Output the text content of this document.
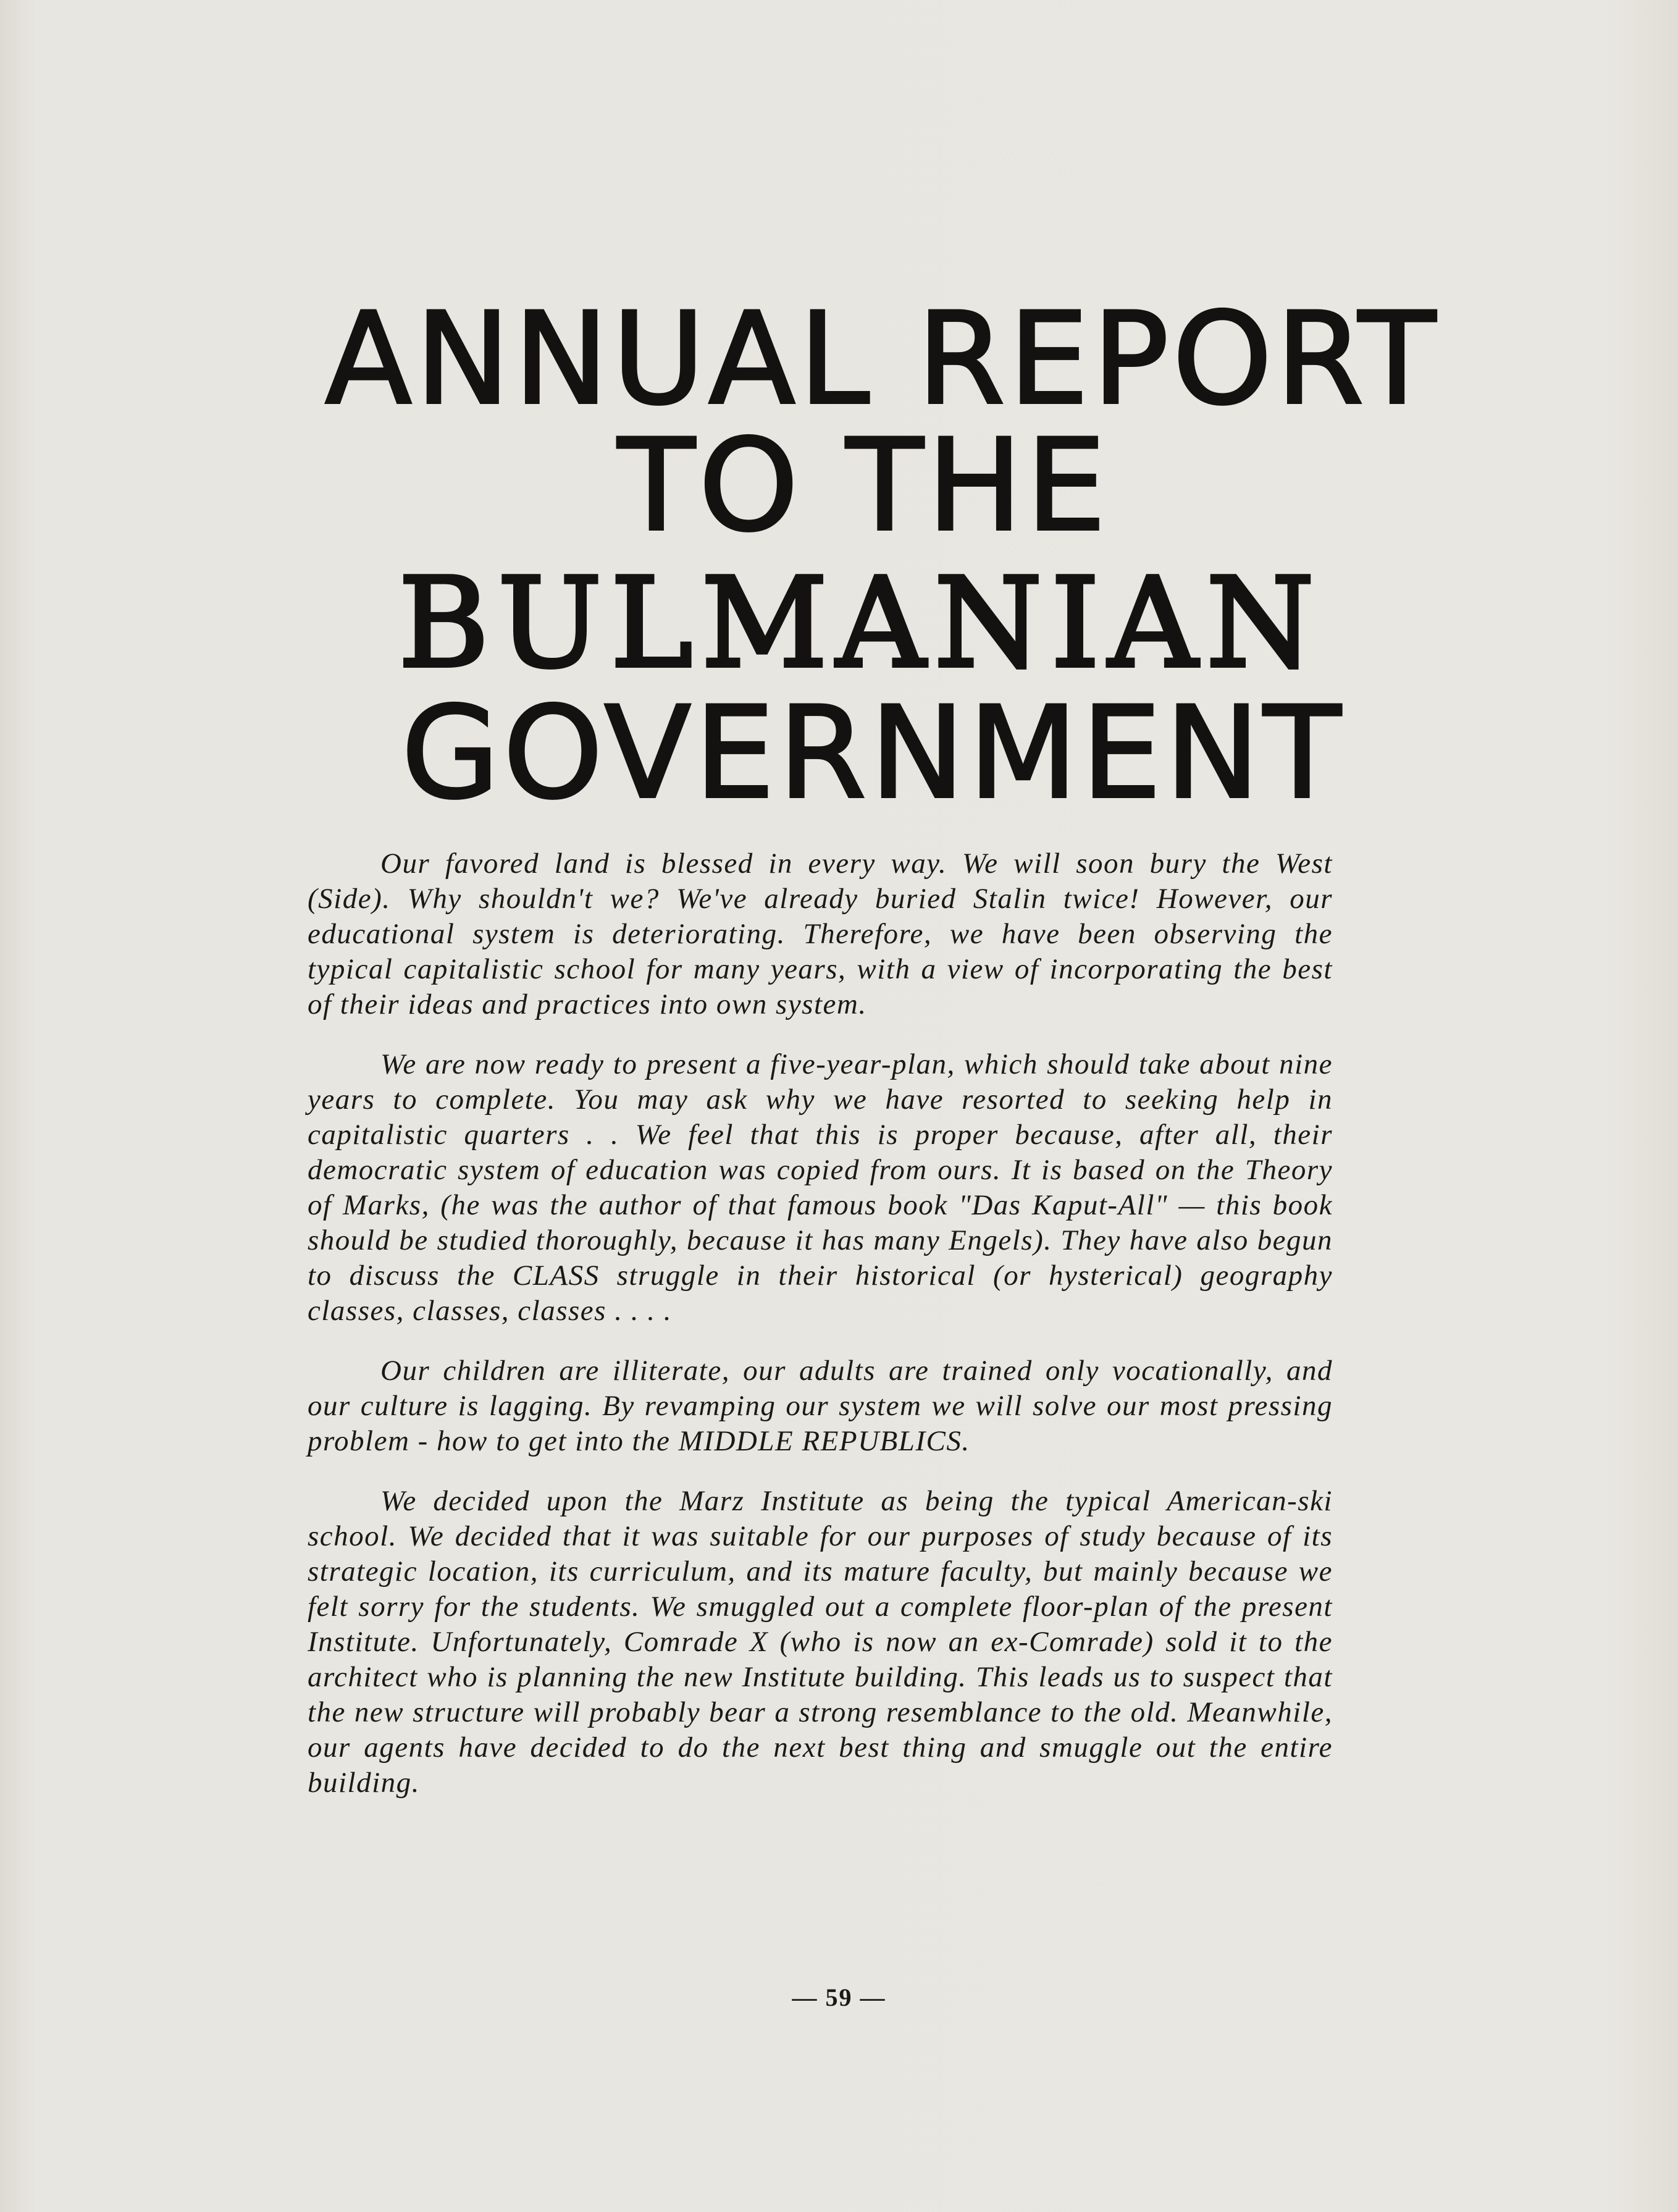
ANNUAL REPORT
TO THE
BULMANIAN
GOVERNMENT

Our favored land is blessed in every way. We will soon bury the West (Side). Why shouldn't we? We've already buried Stalin twice! However, our educational system is deteriorating. Therefore, we have been observing the typical capitalistic school for many years, with a view of incorporating the best of their ideas and practices into own system.

We are now ready to present a five-year-plan, which should take about nine years to complete. You may ask why we have resorted to seeking help in capitalistic quarters . . We feel that this is proper because, after all, their democratic system of education was copied from ours. It is based on the Theory of Marks, (he was the author of that famous book "Das Kaput-All" — this book should be studied thoroughly, because it has many Engels). They have also begun to discuss the CLASS struggle in their historical (or hysterical) geography classes, classes, classes . . . .

Our children are illiterate, our adults are trained only vocationally, and our culture is lagging. By revamping our system we will solve our most pressing problem - how to get into the MIDDLE REPUBLICS.

We decided upon the Marz Institute as being the typical American-ski school. We decided that it was suitable for our purposes of study because of its strategic location, its curriculum, and its mature faculty, but mainly because we felt sorry for the students. We smuggled out a complete floor-plan of the present Institute. Unfortunately, Comrade X (who is now an ex-Comrade) sold it to the architect who is planning the new Institute building. This leads us to suspect that the new structure will probably bear a strong resemblance to the old. Meanwhile, our agents have decided to do the next best thing and smuggle out the entire building.

— 59 —
